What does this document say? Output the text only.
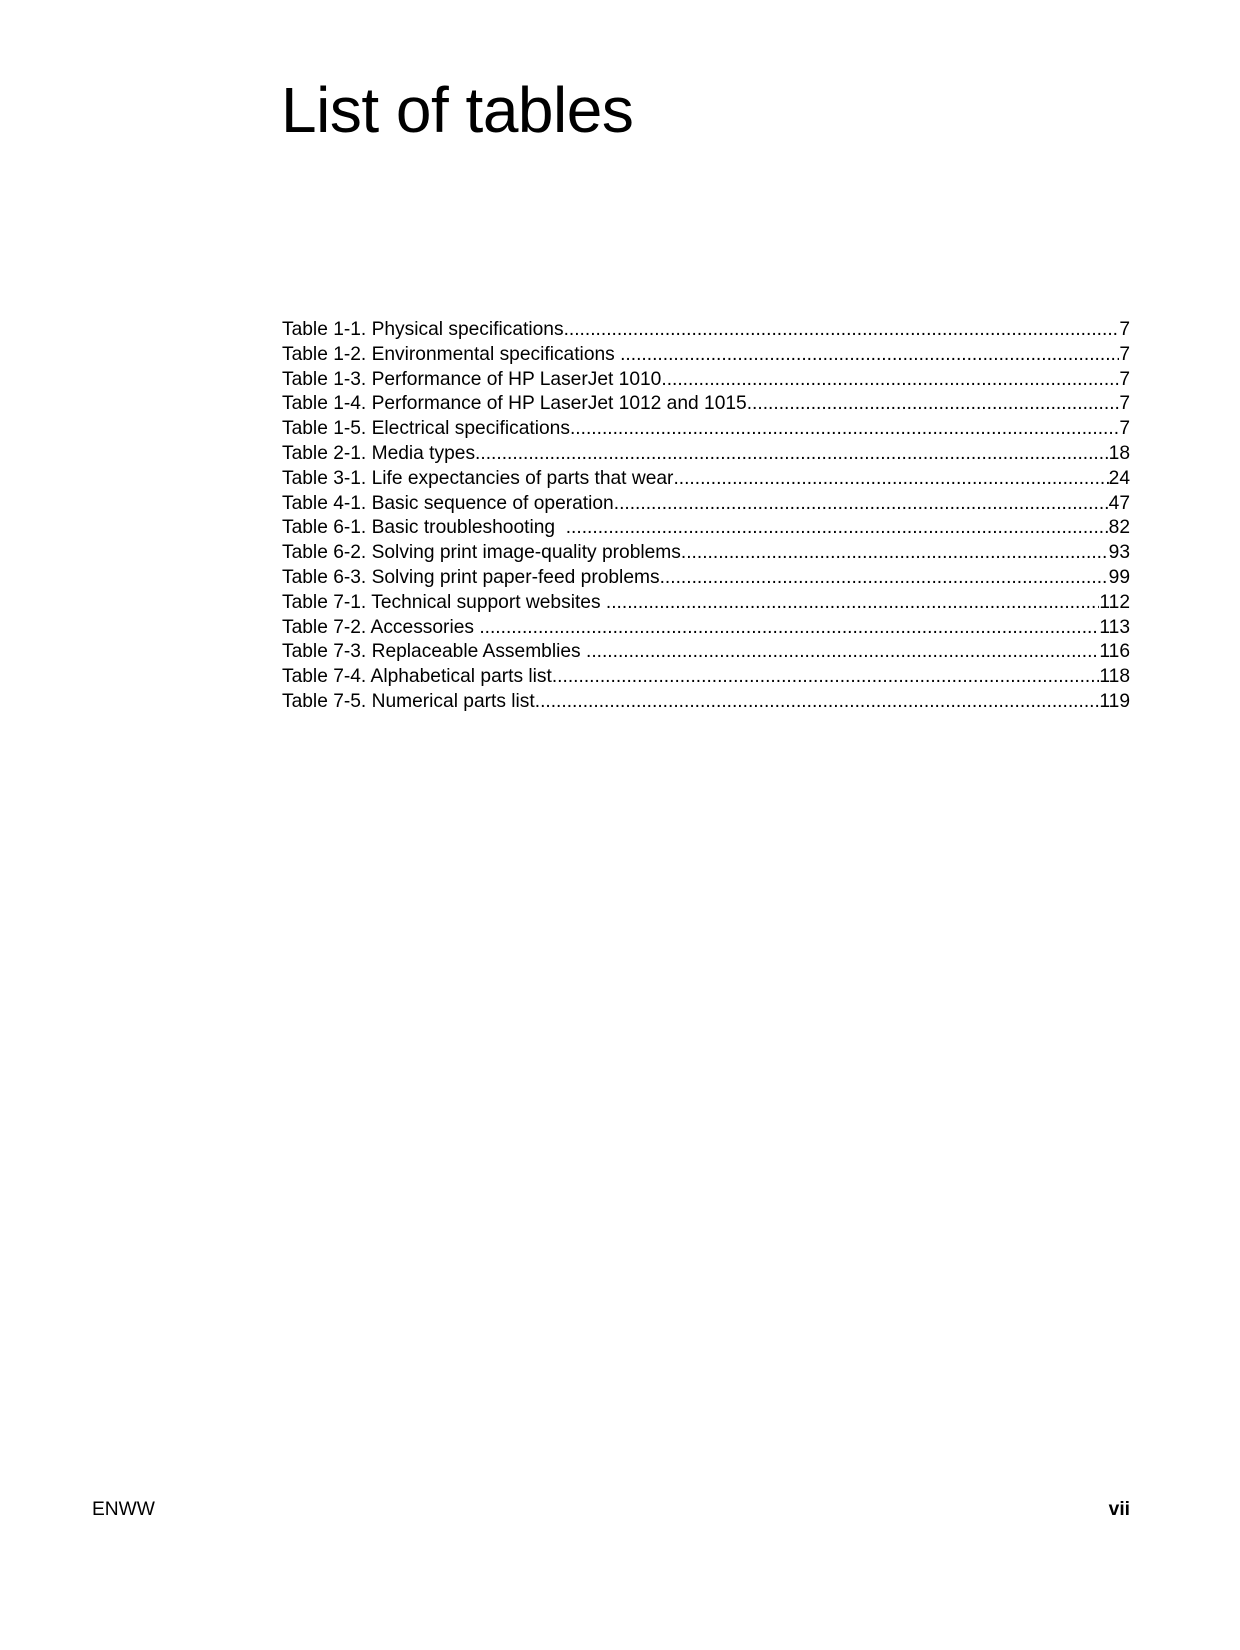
List of tables
Table 1-1. Physical specifications .....	7
Table 1-2. Environmental specifications .....	7
Table 1-3. Performance of HP LaserJet 1010 .....	7
Table 1-4. Performance of HP LaserJet 1012 and 1015 .....	7
Table 1-5. Electrical specifications .....	7
Table 2-1. Media types .....	18
Table 3-1. Life expectancies of parts that wear .....	24
Table 4-1. Basic sequence of operation .....	47
Table 6-1. Basic troubleshooting .....	82
Table 6-2. Solving print image-quality problems .....	93
Table 6-3. Solving print paper-feed problems .....	99
Table 7-1. Technical support websites .....	112
Table 7-2. Accessories .....	113
Table 7-3. Replaceable Assemblies .....	116
Table 7-4. Alphabetical parts list .....	118
Table 7-5. Numerical parts list .....	119
ENWW	vii
